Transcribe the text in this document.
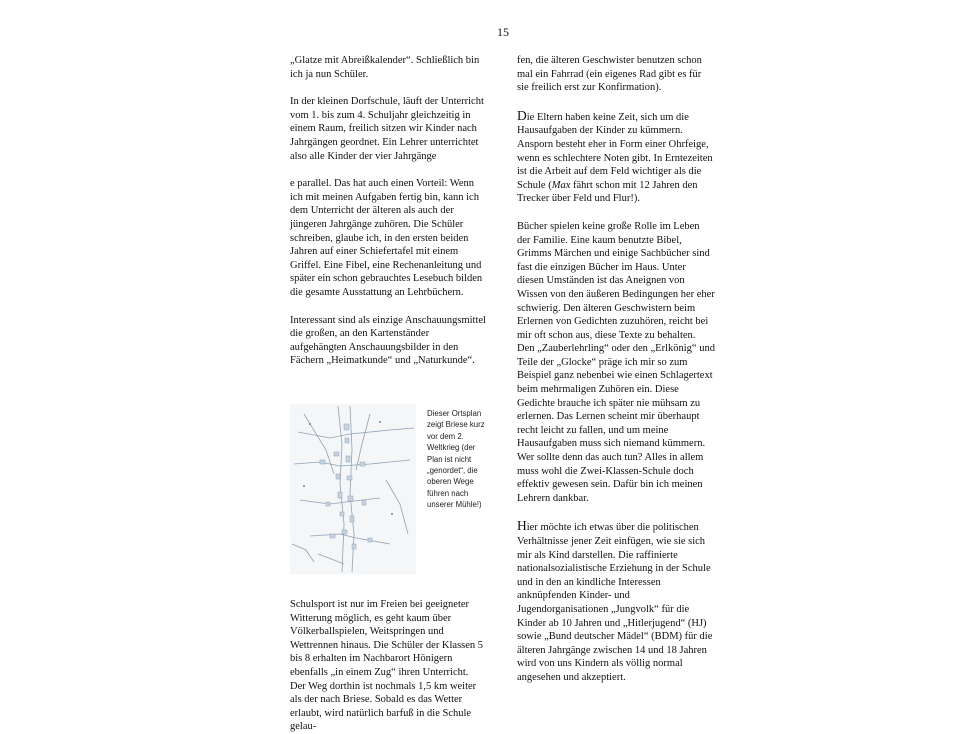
15

„Glatze mit Abreißkalender“. Schließlich bin ich ja nun Schüler.

In der kleinen Dorfschule, läuft der Unterricht vom 1. bis zum 4. Schuljahr gleichzeitig in einem Raum, freilich sitzen wir Kinder nach Jahrgängen geordnet. Ein Lehrer unterrichtet also alle Kinder der vier Jahrgänge

e parallel. Das hat auch einen Vorteil: Wenn ich mit meinen Aufgaben fertig bin, kann ich dem Unterricht der älteren als auch der jüngeren Jahrgänge zuhören. Die Schüler schreiben, glaube ich, in den ersten beiden Jahren auf einer Schiefertafel mit einem Griffel. Eine Fibel, eine Rechenanleitung und später ein schon gebrauchtes Lesebuch bilden die gesamte Ausstattung an Lehrbüchern.

Interessant sind als einzige Anschauungsmittel die großen, an den Kartenständer aufgehängten Anschauungsbilder in den Fächern „Heimatkunde“ und „Naturkunde“.

Dieser Ortsplan zeigt Briese kurz vor dem 2. Weltkrieg (der Plan ist nicht „genordet“, die oberen Wege führen nach unserer Mühle!)

Schulsport ist nur im Freien bei geeigneter Witterung möglich, es geht kaum über Völkerballspielen, Weitspringen und Wettrennen hinaus. Die Schüler der Klassen 5 bis 8 erhalten im Nachbarort Hönigern ebenfalls „in einem Zug“ ihren Unterricht. Der Weg dorthin ist nochmals 1,5 km weiter als der nach Briese. Sobald es das Wetter erlaubt, wird natürlich barfuß in die Schule gelau-

fen, die älteren Geschwister benutzen schon mal ein Fahrrad (ein eigenes Rad gibt es für sie freilich erst zur Konfirmation).

Die Eltern haben keine Zeit, sich um die Hausaufgaben der Kinder zu kümmern. Ansporn besteht eher in Form einer Ohrfeige, wenn es schlechtere Noten gibt. In Erntezeiten ist die Arbeit auf dem Feld wichtiger als die Schule (Max fährt schon mit 12 Jahren den Trecker über Feld und Flur!).

Bücher spielen keine große Rolle im Leben der Familie. Eine kaum benutzte Bibel, Grimms Märchen und einige Sachbücher sind fast die einzigen Bücher im Haus. Unter diesen Umständen ist das Aneignen von Wissen von den äußeren Bedingungen her eher schwierig. Den älteren Geschwistern beim Erlernen von Gedichten zuzuhören, reicht bei mir oft schon aus, diese Texte zu behalten. Den „Zauberlehrling“ oder den „Erlkönig“ und Teile der „Glocke“ präge ich mir so zum Beispiel ganz nebenbei wie einen Schlagertext beim mehrmaligen Zuhören ein. Diese Gedichte brauche ich später nie mühsam zu erlernen. Das Lernen scheint mir überhaupt recht leicht zu fallen, und um meine Hausaufgaben muss sich niemand kümmern. Wer sollte denn das auch tun? Alles in allem muss wohl die Zwei-Klassen-Schule doch effektiv gewesen sein. Dafür bin ich meinen Lehrern dankbar.

Hier möchte ich etwas über die politischen Verhältnisse jener Zeit einfügen, wie sie sich mir als Kind darstellen. Die raffinierte nationalsozialistische Erziehung in der Schule und in den an kindliche Interessen anknüpfenden Kinder- und Jugendorganisationen „Jungvolk“ für die Kinder ab 10 Jahren und „Hitlerjugend“ (HJ) sowie „Bund deutscher Mädel“ (BDM) für die älteren Jahrgänge zwischen 14 und 18 Jahren wird von uns Kindern als völlig normal angesehen und akzeptiert.
